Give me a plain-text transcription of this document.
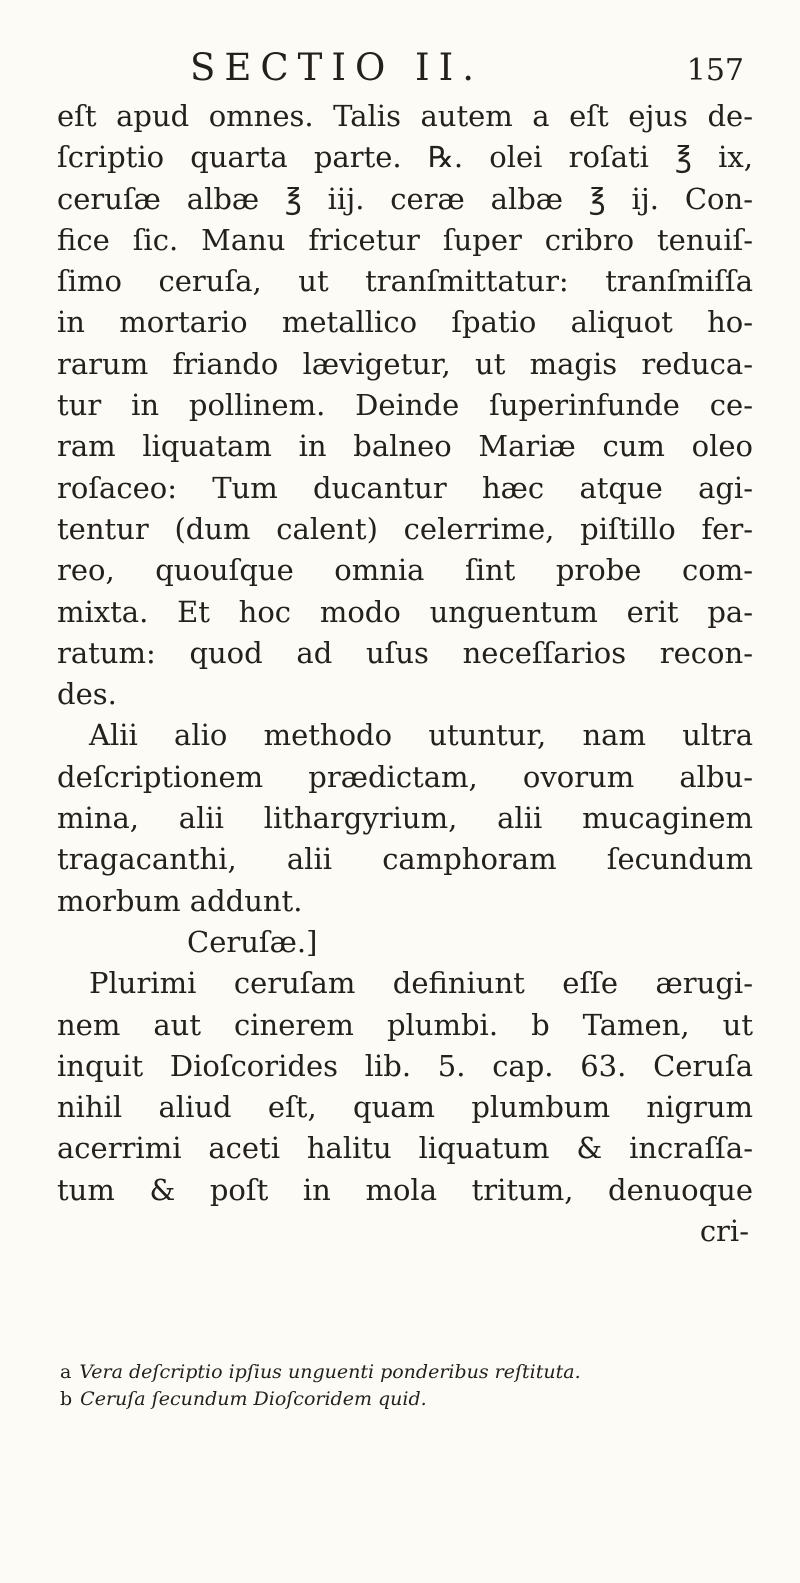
SECTIO II.	157
eſt apud omnes. Talis autem a eſt ejus de-
ſcriptio quarta parte. ℞. olei roſati ℥ ix,
ceruſæ albæ ℥ iij. ceræ albæ ℥ ij. Con-
fice ſic. Manu fricetur ſuper cribro tenuiſ-
ſimo ceruſa, ut tranſmittatur: tranſmiſſa
in mortario metallico ſpatio aliquot ho-
rarum friando lævigetur, ut magis reduca-
tur in pollinem. Deinde ſuperinfunde ce-
ram liquatam in balneo Mariæ cum oleo
roſaceo: Tum ducantur hæc atque agi-
tentur (dum calent) celerrime, piſtillo fer-
reo, quouſque omnia ſint probe com-
mixta. Et hoc modo unguentum erit pa-
ratum: quod ad uſus neceſſarios recon-
des.
Alii alio methodo utuntur, nam ultra
deſcriptionem prædictam, ovorum albu-
mina, alii lithargyrium, alii mucaginem
tragacanthi, alii camphoram ſecundum
morbum addunt.
Ceruſæ.]
Plurimi ceruſam definiunt eſſe ærugi-
nem aut cinerem plumbi. b Tamen, ut
inquit Dioſcorides lib. 5. cap. 63. Ceruſa
nihil aliud eſt, quam plumbum nigrum
acerrimi aceti halitu liquatum & incraſſa-
tum & poſt in mola tritum, denuoque
cri-
a Vera deſcriptio ipſius unguenti ponderibus reſtituta.
b Ceruſa ſecundum Dioſcoridem quid.
